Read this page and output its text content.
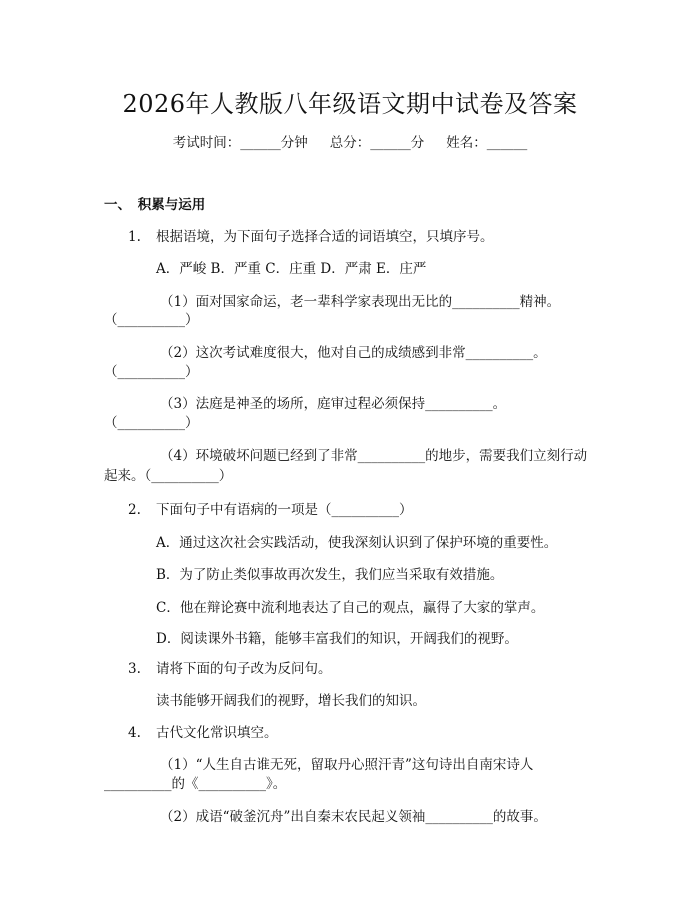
2026年人教版八年级语文期中试卷及答案
考试时间：______分钟 总分：______分 姓名：______
一、　积累与运用
1. 根据语境，为下面句子选择合适的词语填空，只填序号。
A．严峻 B．严重 C．庄重 D．严肃 E．庄严
（1）面对国家命运，老一辈科学家表现出无比的__________精神。
（__________）
（2）这次考试难度很大，他对自己的成绩感到非常__________。
（__________）
（3）法庭是神圣的场所，庭审过程必须保持__________。
（__________）
（4）环境破坏问题已经到了非常__________的地步，需要我们立刻行动
起来。（__________）
2. 下面句子中有语病的一项是（__________）
A．通过这次社会实践活动，使我深刻认识到了保护环境的重要性。
B．为了防止类似事故再次发生，我们应当采取有效措施。
C．他在辩论赛中流利地表达了自己的观点，赢得了大家的掌声。
D．阅读课外书籍，能够丰富我们的知识，开阔我们的视野。
3. 请将下面的句子改为反问句。
读书能够开阔我们的视野，增长我们的知识。
4. 古代文化常识填空。
（1）“人生自古谁无死，留取丹心照汗青”这句诗出自南宋诗人
__________的《__________》。
（2）成语“破釜沉舟”出自秦末农民起义领袖__________的故事。
